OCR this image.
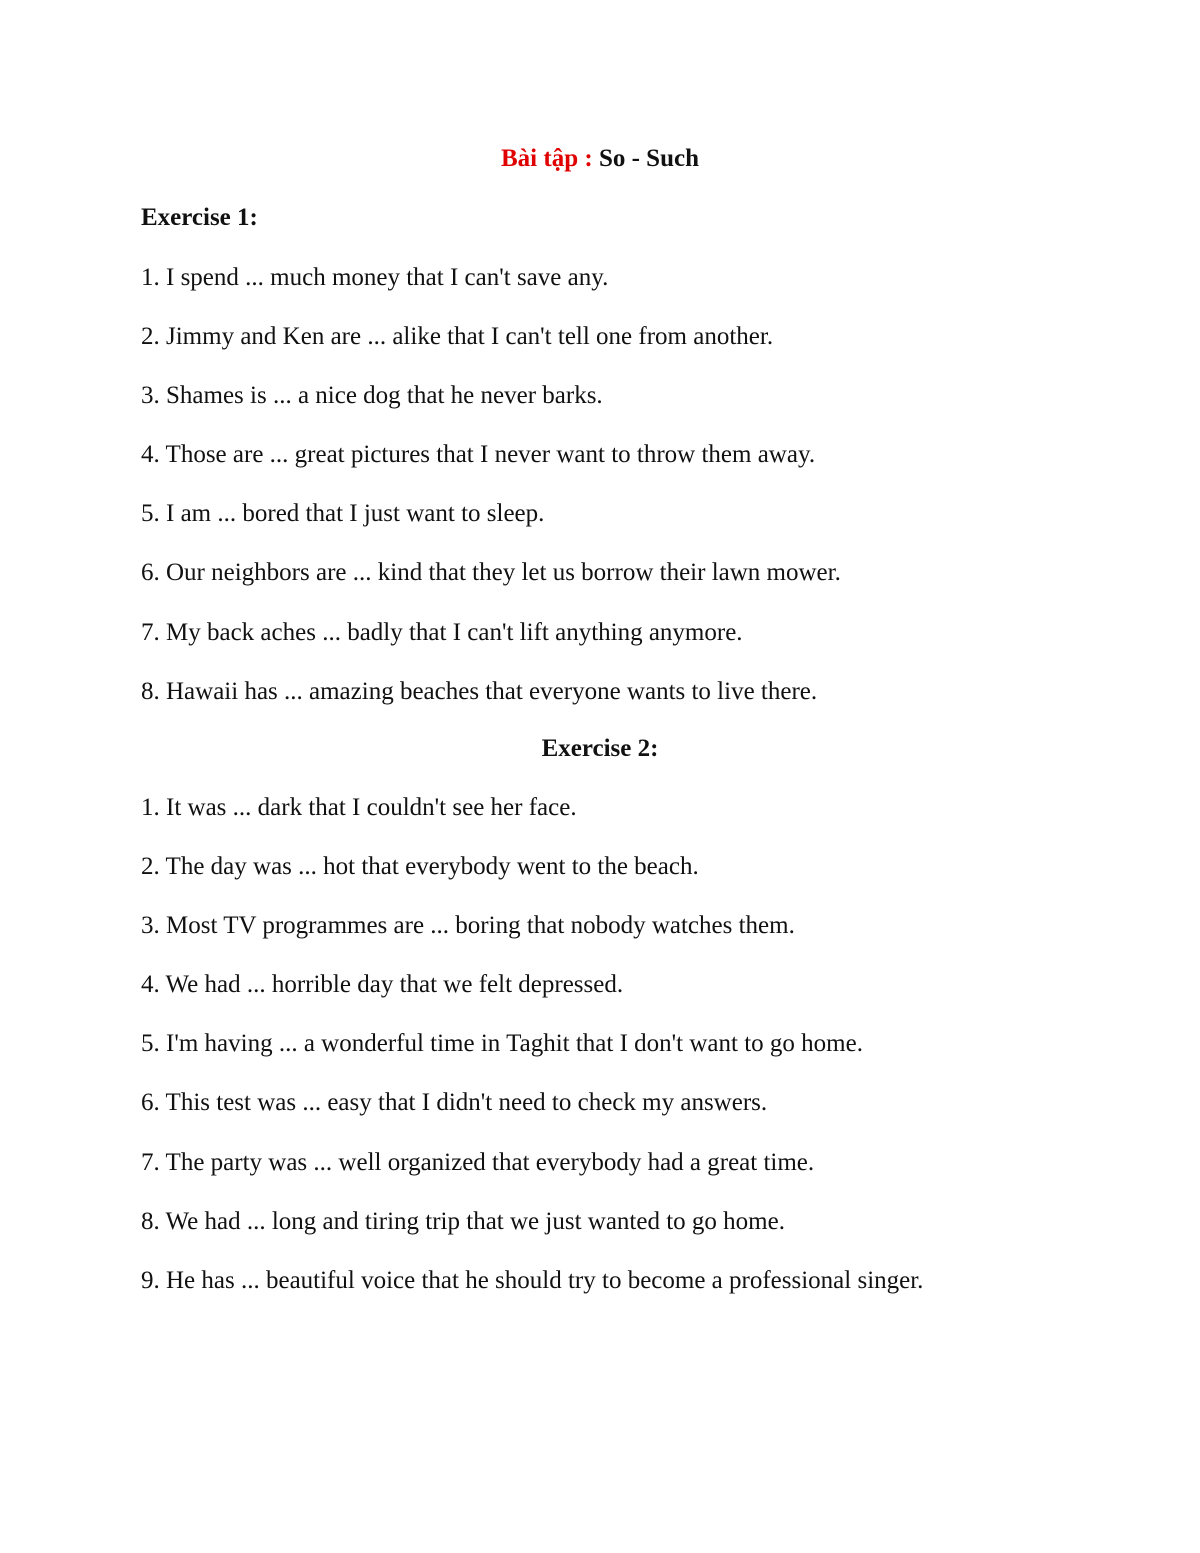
Bài tập : So - Such
Exercise 1:
1. I spend ... much money that I can't save any.
2. Jimmy and Ken are ... alike that I can't tell one from another.
3. Shames is ... a nice dog that he never barks.
4. Those are ... great pictures that I never want to throw them away.
5. I am ... bored that I just want to sleep.
6. Our neighbors are ... kind that they let us borrow their lawn mower.
7. My back aches ... badly that I can't lift anything anymore.
8. Hawaii has ... amazing beaches that everyone wants to live there.
Exercise 2:
1. It was ... dark that I couldn't see her face.
2. The day was ... hot that everybody went to the beach.
3. Most TV programmes are ... boring that nobody watches them.
4. We had ... horrible day that we felt depressed.
5. I'm having ... a wonderful time in Taghit that I don't want to go home.
6. This test was ... easy that I didn't need to check my answers.
7. The party was ... well organized that everybody had a great time.
8. We had ... long and tiring trip that we just wanted to go home.
9. He has ... beautiful voice that he should try to become a professional singer.
